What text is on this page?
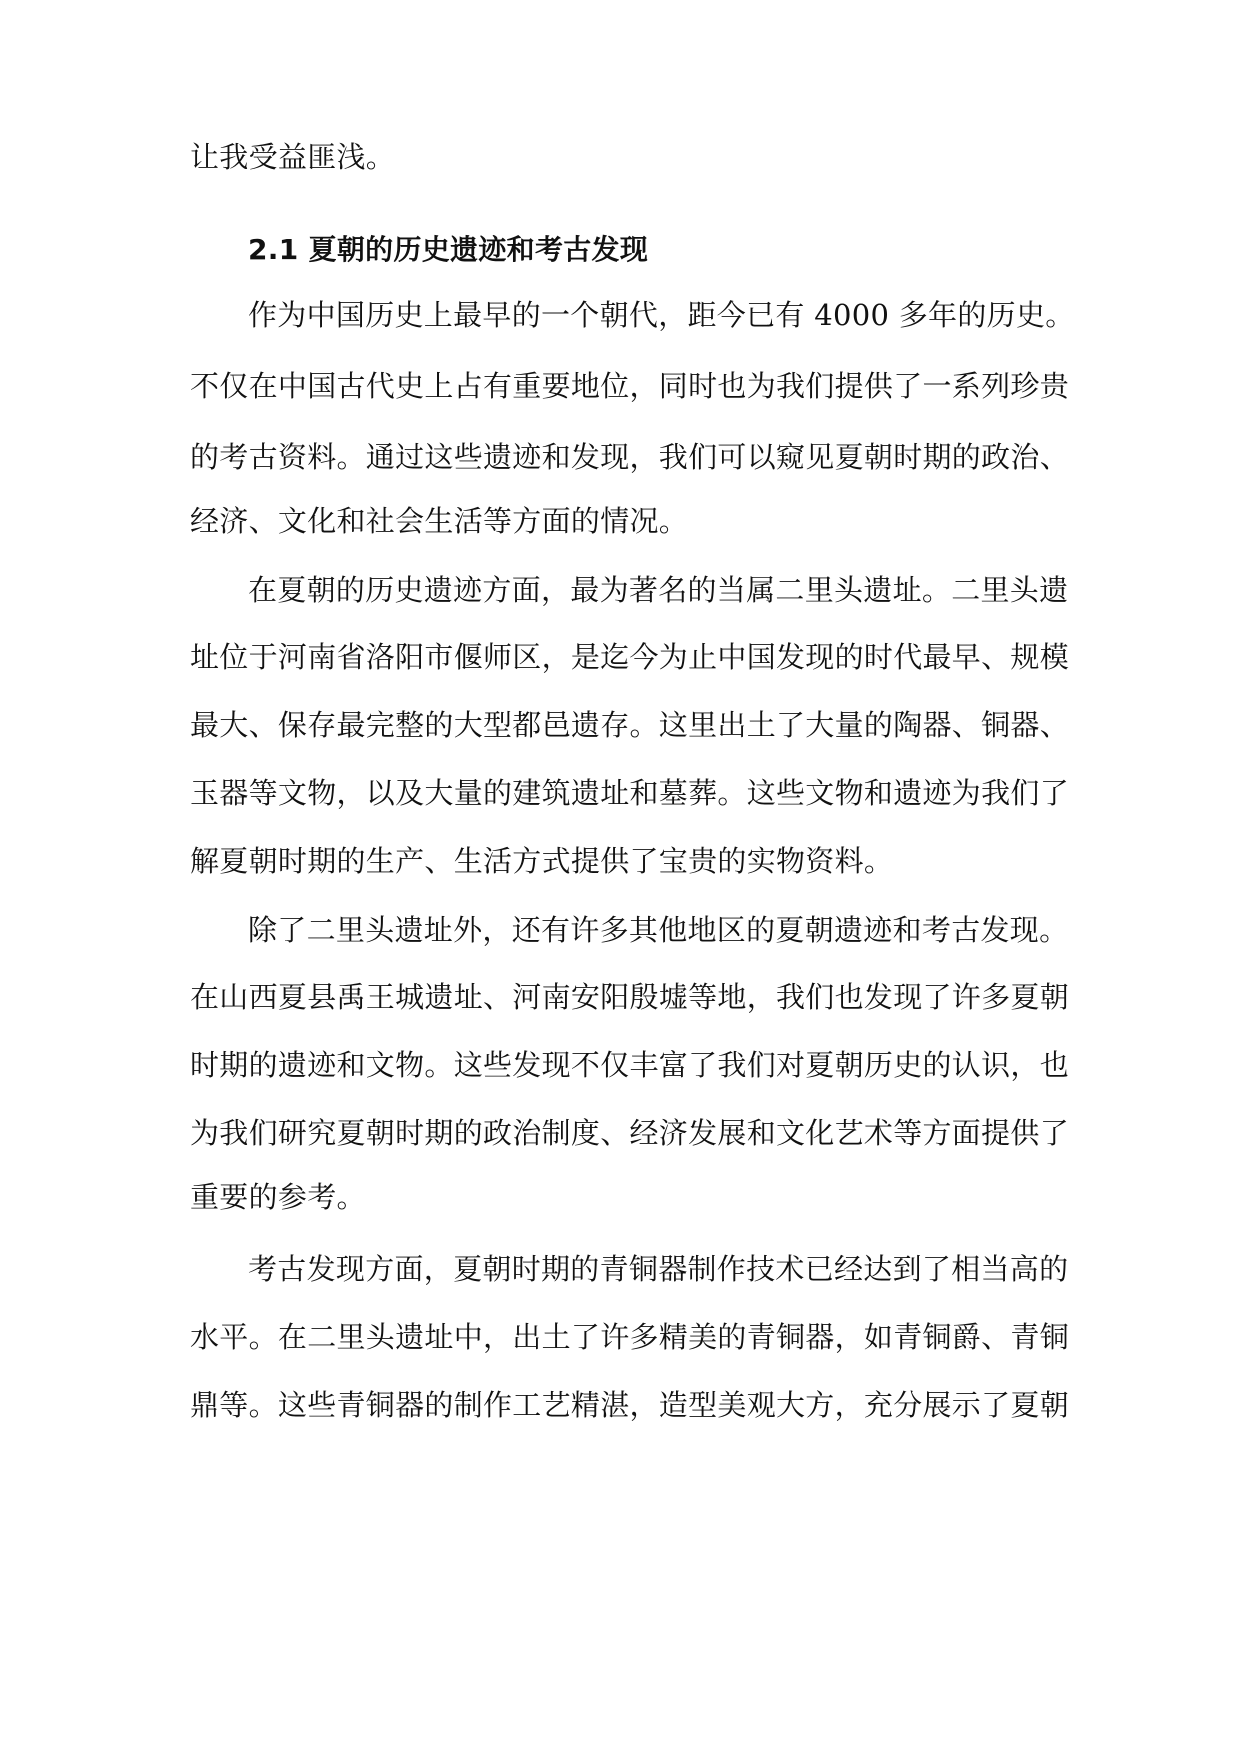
让我受益匪浅。

2.1 夏朝的历史遗迹和考古发现

作为中国历史上最早的一个朝代，距今已有 4000 多年的历史。

不仅在中国古代史上占有重要地位，同时也为我们提供了一系列珍贵

的考古资料。通过这些遗迹和发现，我们可以窥见夏朝时期的政治、

经济、文化和社会生活等方面的情况。

在夏朝的历史遗迹方面，最为著名的当属二里头遗址。二里头遗

址位于河南省洛阳市偃师区，是迄今为止中国发现的时代最早、规模

最大、保存最完整的大型都邑遗存。这里出土了大量的陶器、铜器、

玉器等文物，以及大量的建筑遗址和墓葬。这些文物和遗迹为我们了

解夏朝时期的生产、生活方式提供了宝贵的实物资料。

除了二里头遗址外，还有许多其他地区的夏朝遗迹和考古发现。

在山西夏县禹王城遗址、河南安阳殷墟等地，我们也发现了许多夏朝

时期的遗迹和文物。这些发现不仅丰富了我们对夏朝历史的认识，也

为我们研究夏朝时期的政治制度、经济发展和文化艺术等方面提供了

重要的参考。

考古发现方面，夏朝时期的青铜器制作技术已经达到了相当高的

水平。在二里头遗址中，出土了许多精美的青铜器，如青铜爵、青铜

鼎等。这些青铜器的制作工艺精湛，造型美观大方，充分展示了夏朝
